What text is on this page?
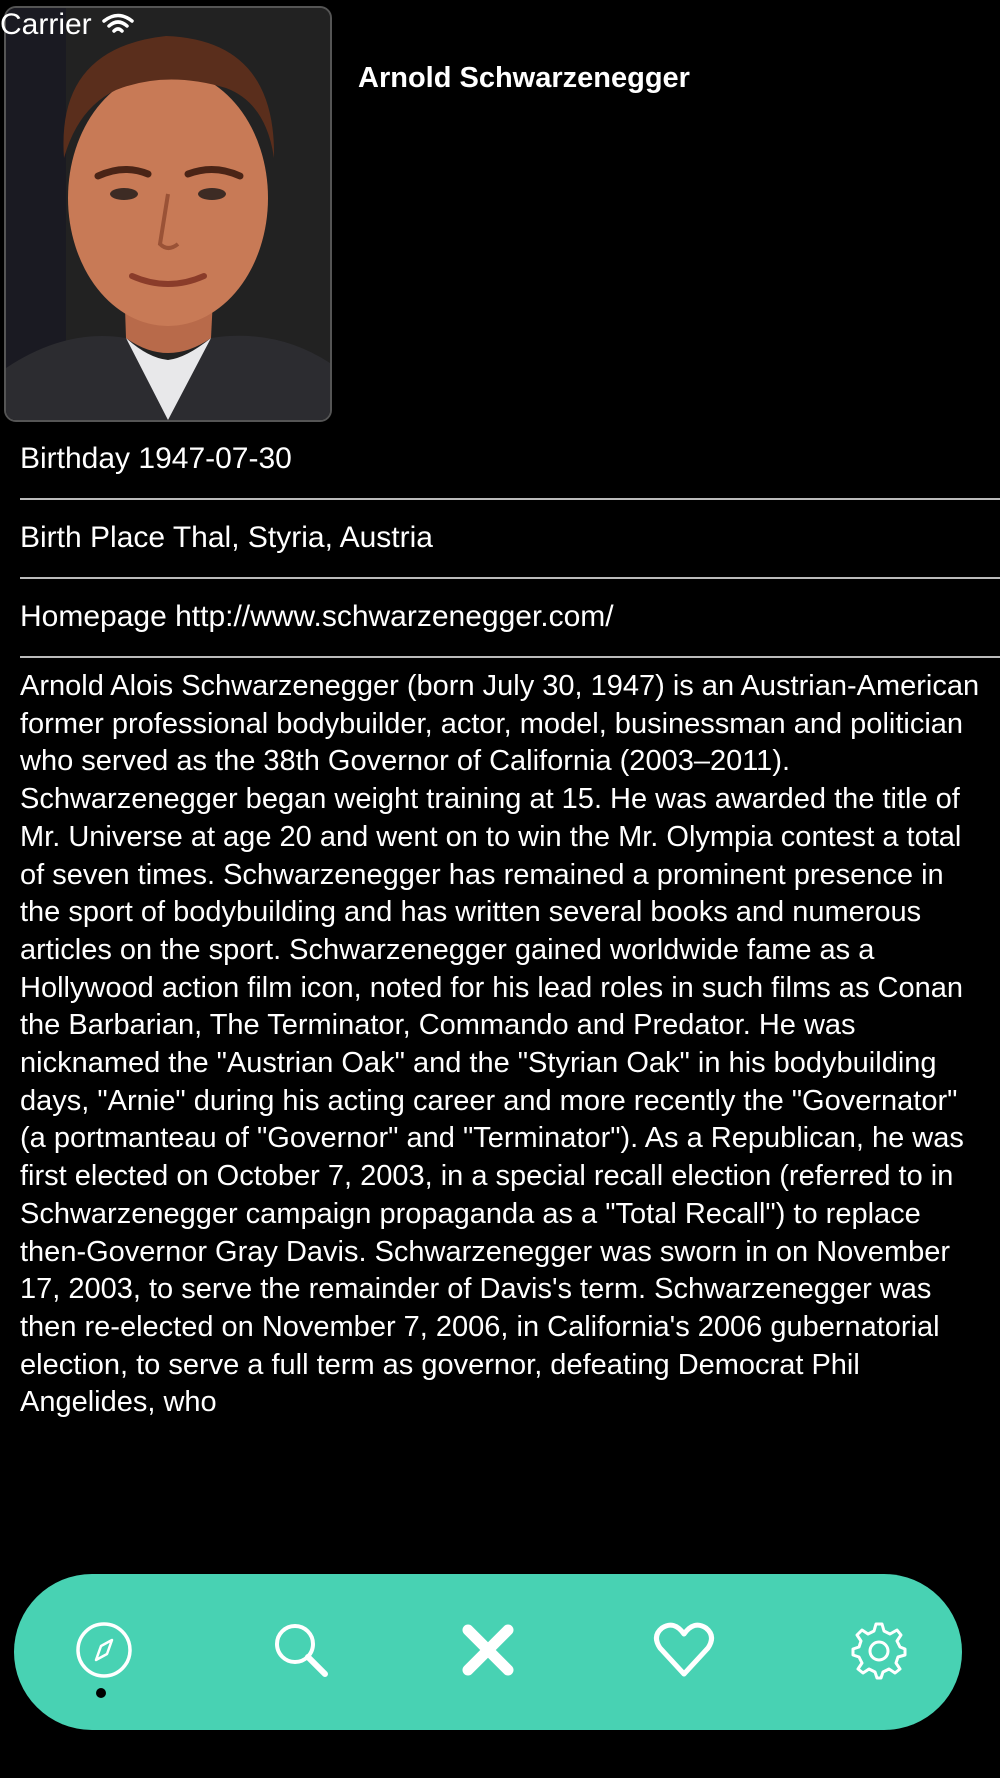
Carrier
Arnold Schwarzenegger
Birthday 1947-07-30
Birth Place Thal, Styria, Austria
Homepage http://www.schwarzenegger.com/
Arnold Alois Schwarzenegger (born July 30, 1947) is an Austrian-American former professional bodybuilder, actor, model, businessman and politician who served as the 38th Governor of California (2003–2011). Schwarzenegger began weight training at 15. He was awarded the title of Mr. Universe at age 20 and went on to win the Mr. Olympia contest a total of seven times. Schwarzenegger has remained a prominent presence in the sport of bodybuilding and has written several books and numerous articles on the sport. Schwarzenegger gained worldwide fame as a Hollywood action film icon, noted for his lead roles in such films as Conan the Barbarian, The Terminator, Commando and Predator. He was nicknamed the "Austrian Oak" and the "Styrian Oak" in his bodybuilding days, "Arnie" during his acting career and more recently the "Governator" (a portmanteau of "Governor" and "Terminator"). As a Republican, he was first elected on October 7, 2003, in a special recall election (referred to in Schwarzenegger campaign propaganda as a "Total Recall") to replace then-Governor Gray Davis. Schwarzenegger was sworn in on November 17, 2003, to serve the remainder of Davis's term. Schwarzenegger was then re-elected on November 7, 2006, in California's 2006 gubernatorial election, to serve a full term as governor, defeating Democrat Phil Angelides, who
